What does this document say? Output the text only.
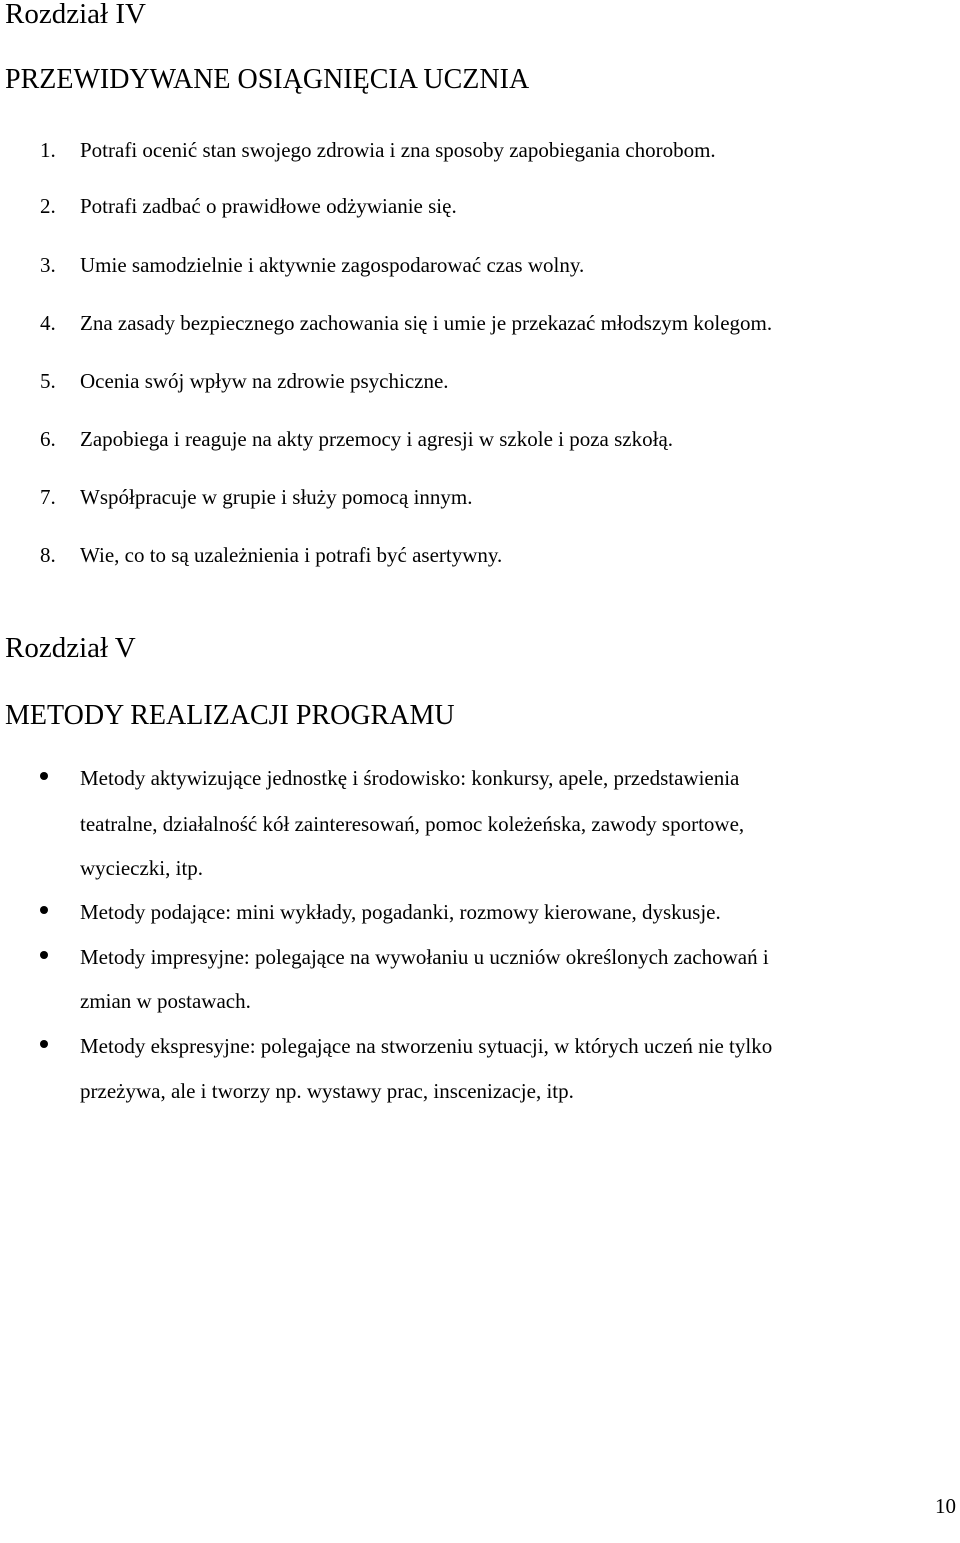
Rozdział IV
PRZEWIDYWANE OSIĄGNIĘCIA UCZNIA
1. Potrafi ocenić stan swojego zdrowia i zna sposoby zapobiegania chorobom.
2. Potrafi zadbać o prawidłowe odżywianie się.
3. Umie samodzielnie i aktywnie zagospodarować czas wolny.
4. Zna zasady bezpiecznego zachowania się i umie je przekazać młodszym kolegom.
5. Ocenia swój wpływ na zdrowie psychiczne.
6. Zapobiega i reaguje na akty przemocy i agresji w szkole i poza szkołą.
7. Współpracuje w grupie i służy pomocą innym.
8. Wie, co to są uzależnienia i potrafi być asertywny.
Rozdział V
METODY REALIZACJI PROGRAMU
Metody aktywizujące jednostkę i środowisko: konkursy, apele, przedstawienia
teatralne, działalność kół zainteresowań, pomoc koleżeńska, zawody sportowe,
wycieczki, itp.
Metody podające: mini wykłady, pogadanki, rozmowy kierowane, dyskusje.
Metody impresyjne: polegające na wywołaniu u uczniów określonych zachowań i
zmian w postawach.
Metody ekspresyjne: polegające na stworzeniu sytuacji, w których uczeń nie tylko
przeżywa, ale i tworzy np. wystawy prac, inscenizacje, itp.
10
